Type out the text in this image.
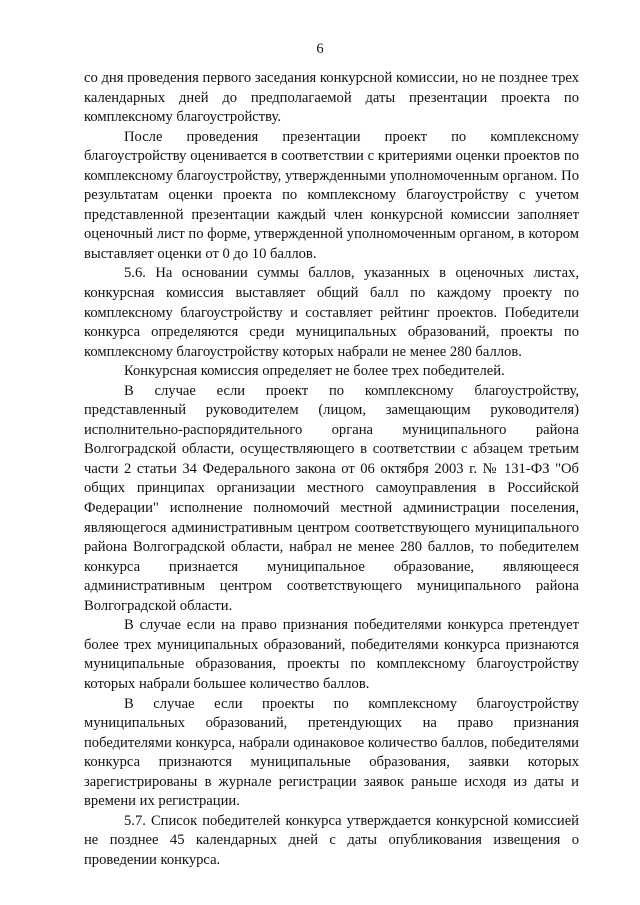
6

со дня проведения первого заседания конкурсной комиссии, но не позднее трех календарных дней до предполагаемой даты презентации проекта по комплексному благоустройству.

После проведения презентации проект по комплексному благоустройству оценивается в соответствии с критериями оценки проектов по комплексному благоустройству, утвержденными уполномоченным органом. По результатам оценки проекта по комплексному благоустройству с учетом представленной презентации каждый член конкурсной комиссии заполняет оценочный лист по форме, утвержденной уполномоченным органом, в котором выставляет оценки от 0 до 10 баллов.

5.6. На основании суммы баллов, указанных в оценочных листах, конкурсная комиссия выставляет общий балл по каждому проекту по комплексному благоустройству и составляет рейтинг проектов. Победители конкурса определяются среди муниципальных образований, проекты по комплексному благоустройству которых набрали не менее 280 баллов.

Конкурсная комиссия определяет не более трех победителей.

В случае если проект по комплексному благоустройству, представленный руководителем (лицом, замещающим руководителя) исполнительно-распорядительного органа муниципального района Волгоградской области, осуществляющего в соответствии с абзацем третьим части 2 статьи 34 Федерального закона от 06 октября 2003 г. № 131-ФЗ "Об общих принципах организации местного самоуправления в Российской Федерации" исполнение полномочий местной администрации поселения, являющегося административным центром соответствующего муниципального района Волгоградской области, набрал не менее 280 баллов, то победителем конкурса признается муниципальное образование, являющееся административным центром соответствующего муниципального района Волгоградской области.

В случае если на право признания победителями конкурса претендует более трех муниципальных образований, победителями конкурса признаются муниципальные образования, проекты по комплексному благоустройству которых набрали большее количество баллов.

В случае если проекты по комплексному благоустройству муниципальных образований, претендующих на право признания победителями конкурса, набрали одинаковое количество баллов, победителями конкурса признаются муниципальные образования, заявки которых зарегистрированы в журнале регистрации заявок раньше исходя из даты и времени их регистрации.

5.7. Список победителей конкурса утверждается конкурсной комиссией не позднее 45 календарных дней с даты опубликования извещения о проведении конкурса.
